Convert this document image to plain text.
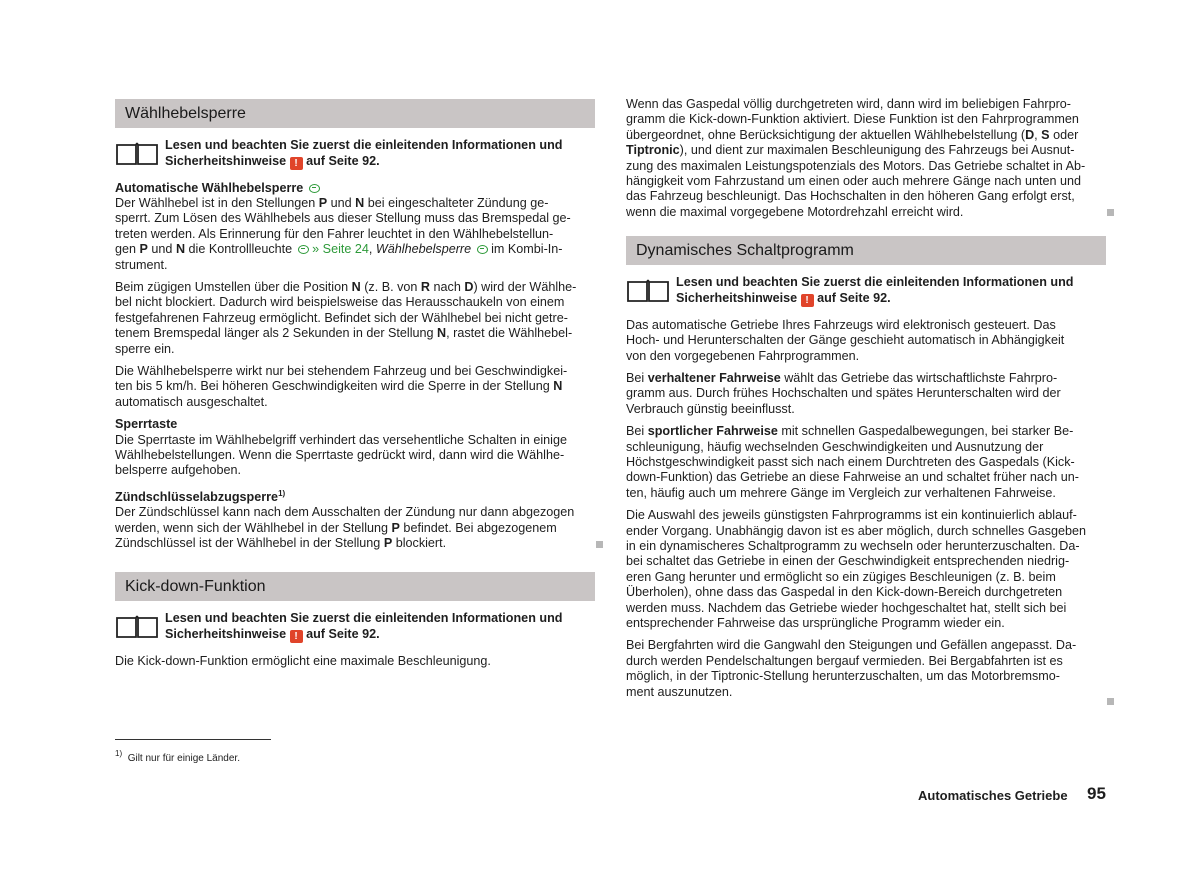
Wählhebelsperre
Lesen und beachten Sie zuerst die einleitenden Informationen und
Sicherheitshinweise ! auf Seite 92.
Automatische Wählhebelsperre
Der Wählhebel ist in den Stellungen P und N bei eingeschalteter Zündung ge-
sperrt. Zum Lösen des Wählhebels aus dieser Stellung muss das Bremspedal ge-
treten werden. Als Erinnerung für den Fahrer leuchtet in den Wählhebelstellun-
gen P und N die Kontrollleuchte  » Seite 24, Wählhebelsperre  im Kombi-In-
strument.
Beim zügigen Umstellen über die Position N (z. B. von R nach D) wird der Wählhe-
bel nicht blockiert. Dadurch wird beispielsweise das Herausschaukeln von einem
festgefahrenen Fahrzeug ermöglicht. Befindet sich der Wählhebel bei nicht getre-
tenem Bremspedal länger als 2 Sekunden in der Stellung N, rastet die Wählhebel-
sperre ein.
Die Wählhebelsperre wirkt nur bei stehendem Fahrzeug und bei Geschwindigkei-
ten bis 5 km/h. Bei höheren Geschwindigkeiten wird die Sperre in der Stellung N
automatisch ausgeschaltet.
Sperrtaste
Die Sperrtaste im Wählhebelgriff verhindert das versehentliche Schalten in einige
Wählhebelstellungen. Wenn die Sperrtaste gedrückt wird, dann wird die Wählhe-
belsperre aufgehoben.
Zündschlüsselabzugsperre$^{1)}$
Der Zündschlüssel kann nach dem Ausschalten der Zündung nur dann abgezogen
werden, wenn sich der Wählhebel in der Stellung P befindet. Bei abgezogenem
Zündschlüssel ist der Wählhebel in der Stellung P blockiert.
Kick-down-Funktion
Lesen und beachten Sie zuerst die einleitenden Informationen und
Sicherheitshinweise ! auf Seite 92.
Die Kick-down-Funktion ermöglicht eine maximale Beschleunigung.
Wenn das Gaspedal völlig durchgetreten wird, dann wird im beliebigen Fahrpro-
gramm die Kick-down-Funktion aktiviert. Diese Funktion ist den Fahrprogrammen
übergeordnet, ohne Berücksichtigung der aktuellen Wählhebelstellung (D, S oder
Tiptronic), und dient zur maximalen Beschleunigung des Fahrzeugs bei Ausnut-
zung des maximalen Leistungspotenzials des Motors. Das Getriebe schaltet in Ab-
hängigkeit vom Fahrzustand um einen oder auch mehrere Gänge nach unten und
das Fahrzeug beschleunigt. Das Hochschalten in den höheren Gang erfolgt erst,
wenn die maximal vorgegebene Motordrehzahl erreicht wird.
Dynamisches Schaltprogramm
Lesen und beachten Sie zuerst die einleitenden Informationen und
Sicherheitshinweise ! auf Seite 92.
Das automatische Getriebe Ihres Fahrzeugs wird elektronisch gesteuert. Das
Hoch- und Herunterschalten der Gänge geschieht automatisch in Abhängigkeit
von den vorgegebenen Fahrprogrammen.
Bei verhaltener Fahrweise wählt das Getriebe das wirtschaftlichste Fahrpro-
gramm aus. Durch frühes Hochschalten und spätes Herunterschalten wird der
Verbrauch günstig beeinflusst.
Bei sportlicher Fahrweise mit schnellen Gaspedalbewegungen, bei starker Be-
schleunigung, häufig wechselnden Geschwindigkeiten und Ausnutzung der
Höchstgeschwindigkeit passt sich nach einem Durchtreten des Gaspedals (Kick-
down-Funktion) das Getriebe an diese Fahrweise an und schaltet früher nach un-
ten, häufig auch um mehrere Gänge im Vergleich zur verhaltenen Fahrweise.
Die Auswahl des jeweils günstigsten Fahrprogramms ist ein kontinuierlich ablauf-
ender Vorgang. Unabhängig davon ist es aber möglich, durch schnelles Gasgeben
in ein dynamischeres Schaltprogramm zu wechseln oder herunterzuschalten. Da-
bei schaltet das Getriebe in einen der Geschwindigkeit entsprechenden niedrig-
eren Gang herunter und ermöglicht so ein zügiges Beschleunigen (z. B. beim
Überholen), ohne dass das Gaspedal in den Kick-down-Bereich durchgetreten
werden muss. Nachdem das Getriebe wieder hochgeschaltet hat, stellt sich bei
entsprechender Fahrweise das ursprüngliche Programm wieder ein.
Bei Bergfahrten wird die Gangwahl den Steigungen und Gefällen angepasst. Da-
durch werden Pendelschaltungen bergauf vermieden. Bei Bergabfahrten ist es
möglich, in der Tiptronic-Stellung herunterzuschalten, um das Motorbremsmo-
ment auszunutzen.
$^{1)}$ Gilt nur für einige Länder.
Automatisches Getriebe 95
